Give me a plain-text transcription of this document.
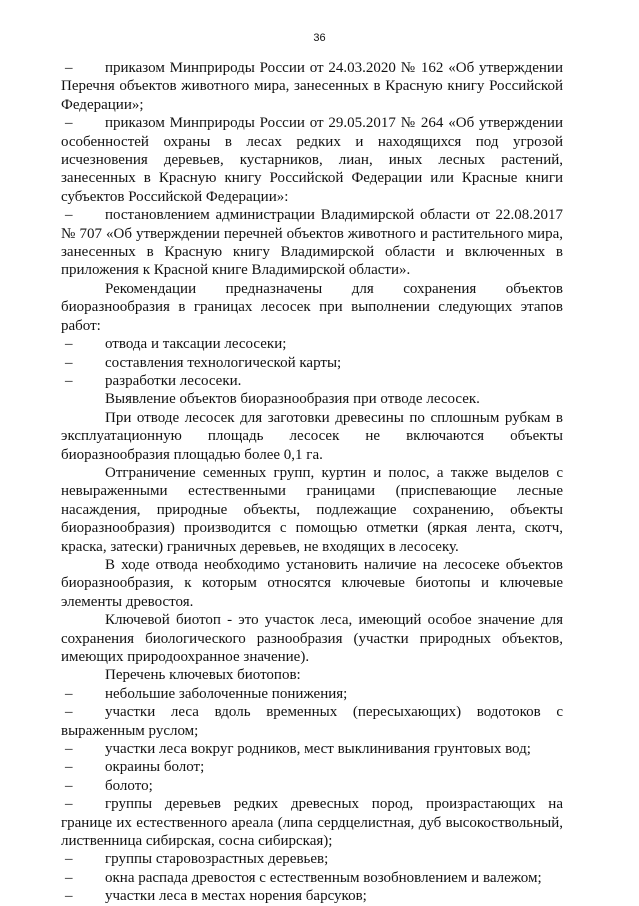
36

– приказом Минприроды России от 24.03.2020 № 162 «Об утверждении Перечня объектов животного мира, занесенных в Красную книгу Российской Федерации»;

– приказом Минприроды России от 29.05.2017 № 264 «Об утверждении особенностей охраны в лесах редких и находящихся под угрозой исчезновения деревьев, кустарников, лиан, иных лесных растений, занесенных в Красную книгу Российской Федерации или Красные книги субъектов Российской Федерации»:

– постановлением администрации Владимирской области от 22.08.2017 № 707 «Об утверждении перечней объектов животного и растительного мира, занесенных в Красную книгу Владимирской области и включенных в приложения к Красной книге Владимирской области».

Рекомендации предназначены для сохранения объектов биоразнообразия в границах лесосек при выполнении следующих этапов работ:

– отвода и таксации лесосеки;

– составления технологической карты;

– разработки лесосеки.

Выявление объектов биоразнообразия при отводе лесосек.

При отводе лесосек для заготовки древесины по сплошным рубкам в эксплуатационную площадь лесосек не включаются объекты биоразнообразия площадью более 0,1 га.

Отграничение семенных групп, куртин и полос, а также выделов с невыраженными естественными границами (приспевающие лесные насаждения, природные объекты, подлежащие сохранению, объекты биоразнообразия) производится с помощью отметки (яркая лента, скотч, краска, затески) граничных деревьев, не входящих в лесосеку.

В ходе отвода необходимо установить наличие на лесосеке объектов биоразнообразия, к которым относятся ключевые биотопы и ключевые элементы древостоя.

Ключевой биотоп - это участок леса, имеющий особое значение для сохранения биологического разнообразия (участки природных объектов, имеющих природоохранное значение).

Перечень ключевых биотопов:

– небольшие заболоченные понижения;

– участки леса вдоль временных (пересыхающих) водотоков с выраженным руслом;

– участки леса вокруг родников, мест выклинивания грунтовых вод;

– окраины болот;

– болото;

– группы деревьев редких древесных пород, произрастающих на границе их естественного ареала (липа сердцелистная, дуб высокоствольный, лиственница сибирская, сосна сибирская);

– группы старовозрастных деревьев;

– окна распада древостоя с естественным возобновлением и валежом;

– участки леса в местах норения барсуков;
